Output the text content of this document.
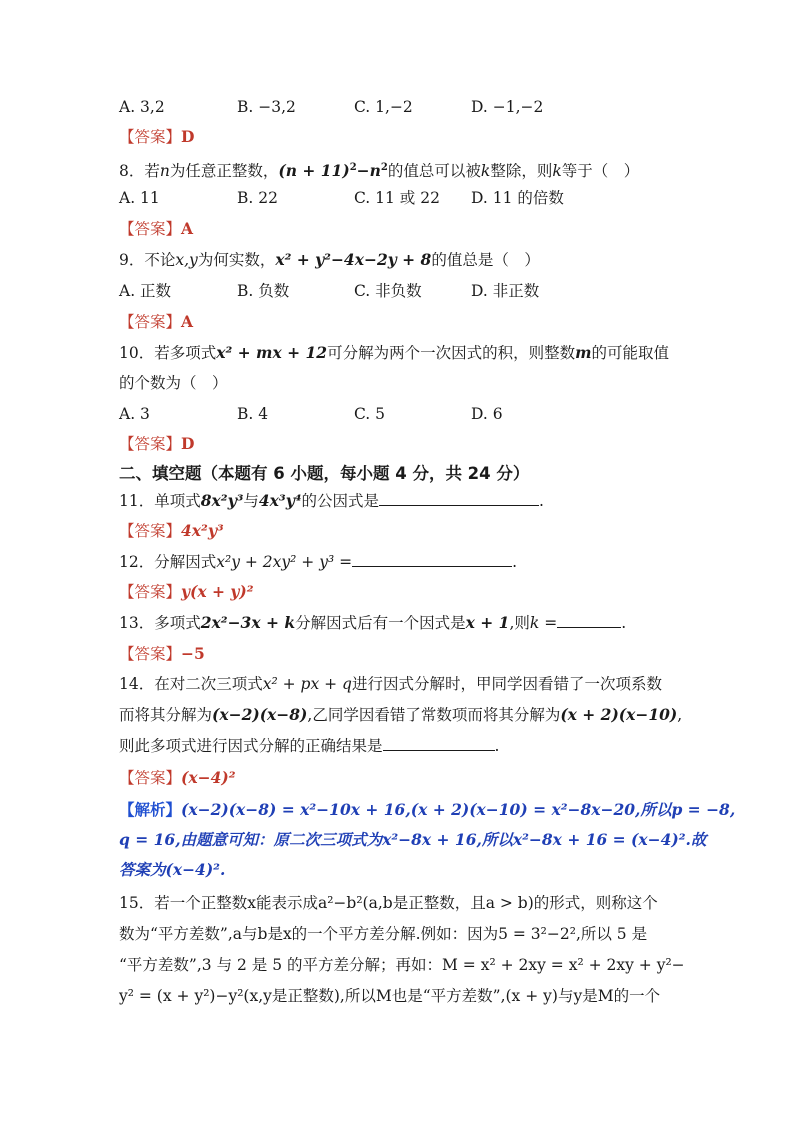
A. 3,2	B. −3,2	C. 1,−2	D. −1,−2
【答案】D
8．若n为任意正整数，$(n + 11)^2-n^2$的值总可以被k整除，则k等于（　）
A. 11	B. 22	C. 11 或 22 D. 11 的倍数
【答案】A
9．不论x,y为何实数，x² + y²−4x−2y + 8的值总是（　）
A. 正数	B. 负数	C. 非负数	D. 非正数
【答案】A
10．若多项式x² + mx + 12可分解为两个一次因式的积，则整数m的可能取值
的个数为（　）
A. 3	B. 4	C. 5	D. 6
【答案】D
二、填空题（本题有 6 小题，每小题 4 分，共 24 分）
11．单项式8x²y³与4x³y⁴的公因式是	.
【答案】4x²y³
12．分解因式x²y + 2xy² + y³ =	.
【答案】y(x + y)²
13．多项式2x²−3x + k分解因式后有一个因式是x + 1,则k =	.
【答案】−5
14．在对二次三项式x² + px + q进行因式分解时，甲同学因看错了一次项系数
而将其分解为(x−2)(x−8),乙同学因看错了常数项而将其分解为(x + 2)(x−10),
则此多项式进行因式分解的正确结果是	.
【答案】(x−4)²
【解析】(x−2)(x−8) = x²−10x + 16,(x + 2)(x−10) = x²−8x−20,所以p = −8,
q = 16,由题意可知：原二次三项式为x²−8x + 16,所以x²−8x + 16 = (x−4)².故
答案为(x−4)².
15．若一个正整数x能表示成a²−b²(a,b是正整数，且a > b)的形式，则称这个
数为“平方差数”,a与b是x的一个平方差分解.例如：因为5 = 3²−2²,所以 5 是
“平方差数”,3 与 2 是 5 的平方差分解；再如：M = x² + 2xy = x² + 2xy + y²−
y² = (x + y²)−y²(x,y是正整数),所以M也是“平方差数”,(x + y)与y是M的一个
